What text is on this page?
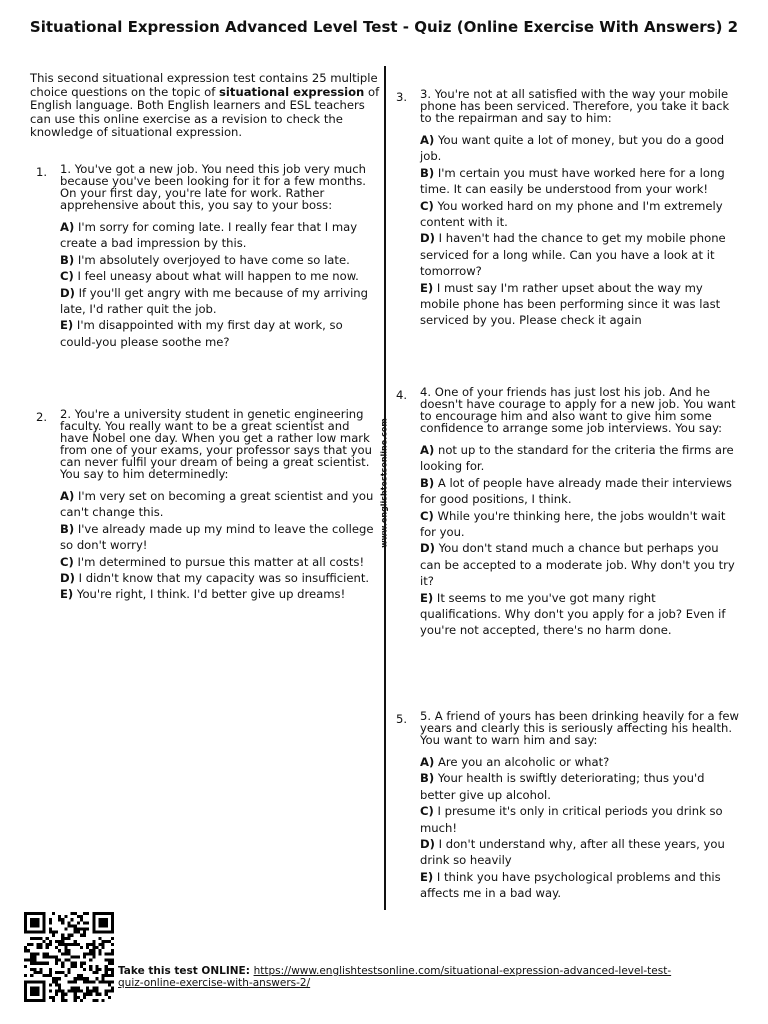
Situational Expression Advanced Level Test - Quiz (Online Exercise With Answers) 2
This second situational expression test contains 25 multiple choice questions on the topic of situational expression of English language. Both English learners and ESL teachers can use this online exercise as a revision to check the knowledge of situational expression.
www.englishtestsonline.com
1. 1. You've got a new job. You need this job very much because you've been looking for it for a few months. On your first day, you're late for work. Rather apprehensive about this, you say to your boss:
A) I'm sorry for coming late. I really fear that I may create a bad impression by this.
B) I'm absolutely overjoyed to have come so late.
C) I feel uneasy about what will happen to me now.
D) If you'll get angry with me because of my arriving late, I'd rather quit the job.
E) I'm disappointed with my first day at work, so could-you please soothe me?
2. 2. You're a university student in genetic engineering faculty. You really want to be a great scientist and have Nobel one day. When you get a rather low mark from one of your exams, your professor says that you can never fulfil your dream of being a great scientist. You say to him determinedly:
A) I'm very set on becoming a great scientist and you can't change this.
B) I've already made up my mind to leave the college so don't worry!
C) I'm determined to pursue this matter at all costs!
D) I didn't know that my capacity was so insufficient.
E) You're right, I think. I'd better give up dreams!
3. 3. You're not at all satisfied with the way your mobile phone has been serviced. Therefore, you take it back to the repairman and say to him:
A) You want quite a lot of money, but you do a good job.
B) I'm certain you must have worked here for a long time. It can easily be understood from your work!
C) You worked hard on my phone and I'm extremely content with it.
D) I haven't had the chance to get my mobile phone serviced for a long while. Can you have a look at it tomorrow?
E) I must say I'm rather upset about the way my mobile phone has been performing since it was last serviced by you. Please check it again
4. 4. One of your friends has just lost his job. And he doesn't have courage to apply for a new job. You want to encourage him and also want to give him some confidence to arrange some job interviews. You say:
A) not up to the standard for the criteria the firms are looking for.
B) A lot of people have already made their interviews for good positions, I think.
C) While you're thinking here, the jobs wouldn't wait for you.
D) You don't stand much a chance but perhaps you can be accepted to a moderate job. Why don't you try it?
E) It seems to me you've got many right qualifications. Why don't you apply for a job? Even if you're not accepted, there's no harm done.
5. 5. A friend of yours has been drinking heavily for a few years and clearly this is seriously affecting his health. You want to warn him and say:
A) Are you an alcoholic or what?
B) Your health is swiftly deteriorating; thus you'd better give up alcohol.
C) I presume it's only in critical periods you drink so much!
D) I don't understand why, after all these years, you drink so heavily
E) I think you have psychological problems and this affects me in a bad way.
Take this test ONLINE: https://www.englishtestsonline.com/situational-expression-advanced-level-test-quiz-online-exercise-with-answers-2/
